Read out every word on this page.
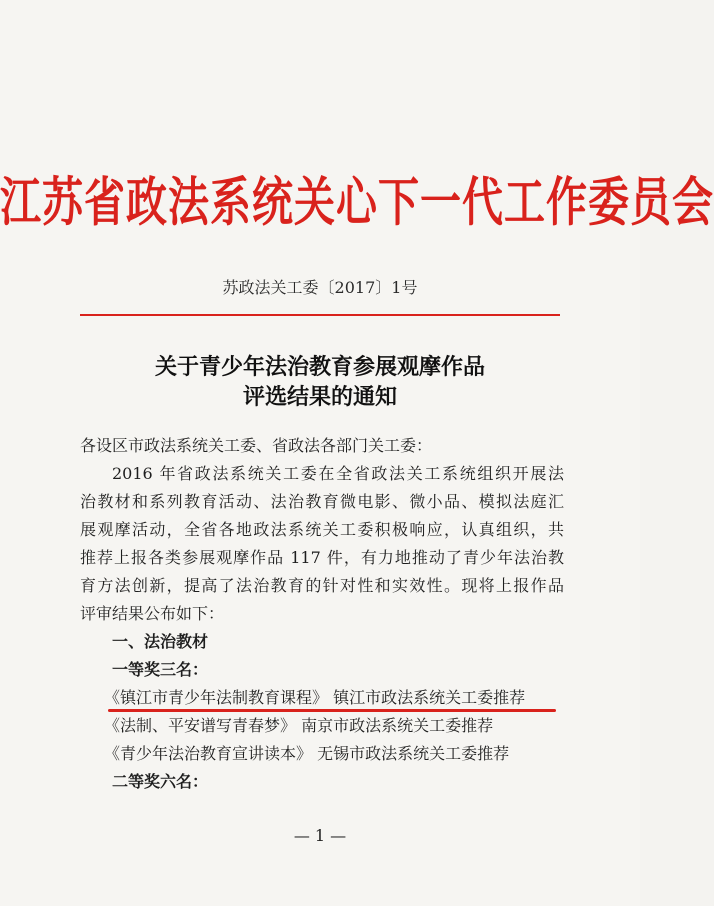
江苏省政法系统关心下一代工作委员会
苏政法关工委〔2017〕1号
关于青少年法治教育参展观摩作品
评选结果的通知
各设区市政法系统关工委、省政法各部门关工委：
2016 年省政法系统关工委在全省政法关工系统组织开展法
治教材和系列教育活动、法治教育微电影、微小品、模拟法庭汇
展观摩活动，全省各地政法系统关工委积极响应，认真组织，共
推荐上报各类参展观摩作品 117 件，有力地推动了青少年法治教
育方法创新，提高了法治教育的针对性和实效性。现将上报作品
评审结果公布如下：
一、法治教材
一等奖三名：
《镇江市青少年法制教育课程》 镇江市政法系统关工委推荐
《法制、平安谱写青春梦》 南京市政法系统关工委推荐
《青少年法治教育宣讲读本》 无锡市政法系统关工委推荐
二等奖六名：
— 1 —
